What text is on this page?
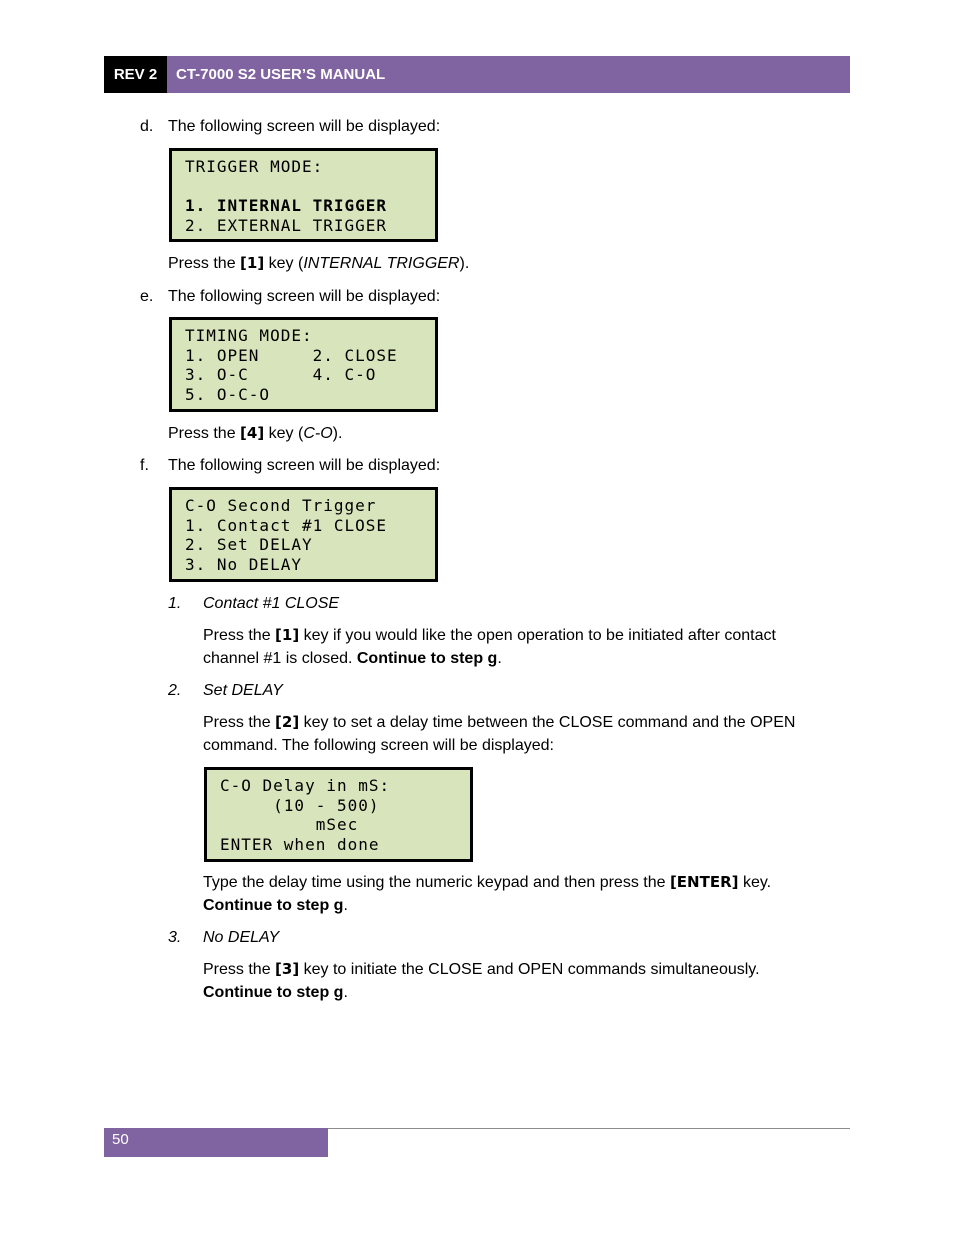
REV 2	CT-7000 S2 USER’S MANUAL
d. The following screen will be displayed:
TRIGGER MODE:
1. INTERNAL TRIGGER
2. EXTERNAL TRIGGER
Press the [1] key (INTERNAL TRIGGER).
e. The following screen will be displayed:
TIMING MODE:
1. OPEN     2. CLOSE
3. O-C      4. C-O
5. O-C-O
Press the [4] key (C-O).
f. The following screen will be displayed:
C-O Second Trigger
1. Contact #1 CLOSE
2. Set DELAY
3. No DELAY
1. Contact #1 CLOSE
Press the [1] key if you would like the open operation to be initiated after contact
channel #1 is closed. Continue to step g.
2. Set DELAY
Press the [2] key to set a delay time between the CLOSE command and the OPEN
command. The following screen will be displayed:
C-O Delay in mS:
(10 - 500)
mSec
ENTER when done
Type the delay time using the numeric keypad and then press the [ENTER] key.
Continue to step g.
3. No DELAY
Press the [3] key to initiate the CLOSE and OPEN commands simultaneously.
Continue to step g.
50
